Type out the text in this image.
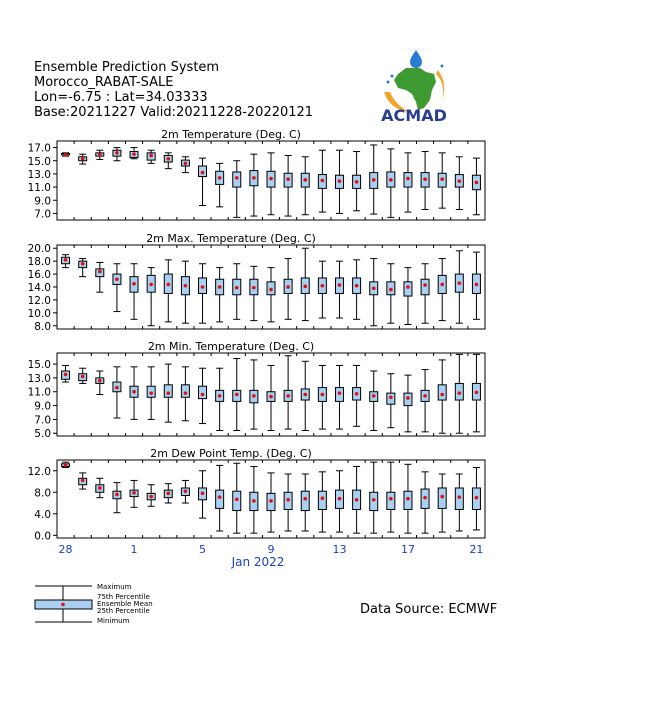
Ensemble Prediction System
Morocco_RABAT-SALE
Lon=-6.75 : Lat=34.03333
Base:20211227 Valid:20211228-20220121	ACMAD
2m Temperature (Deg. C)
7.0
9.0
11.0
13.0
15.0
17.0
2m Max. Temperature (Deg. C)
8.0
10.0
12.0
14.0
16.0
18.0
20.0
2m Min. Temperature (Deg. C)
5.0
7.0
9.0
11.0
13.0
15.0
2m Dew Point Temp. (Deg. C)
0.0
4.0
8.0
12.0
28	1	5	9	13	17	21
Jan 2022
Maximum
75th Percentile
Ensemble Mean
25th Percentile
Minimum
Data Source: ECMWF
